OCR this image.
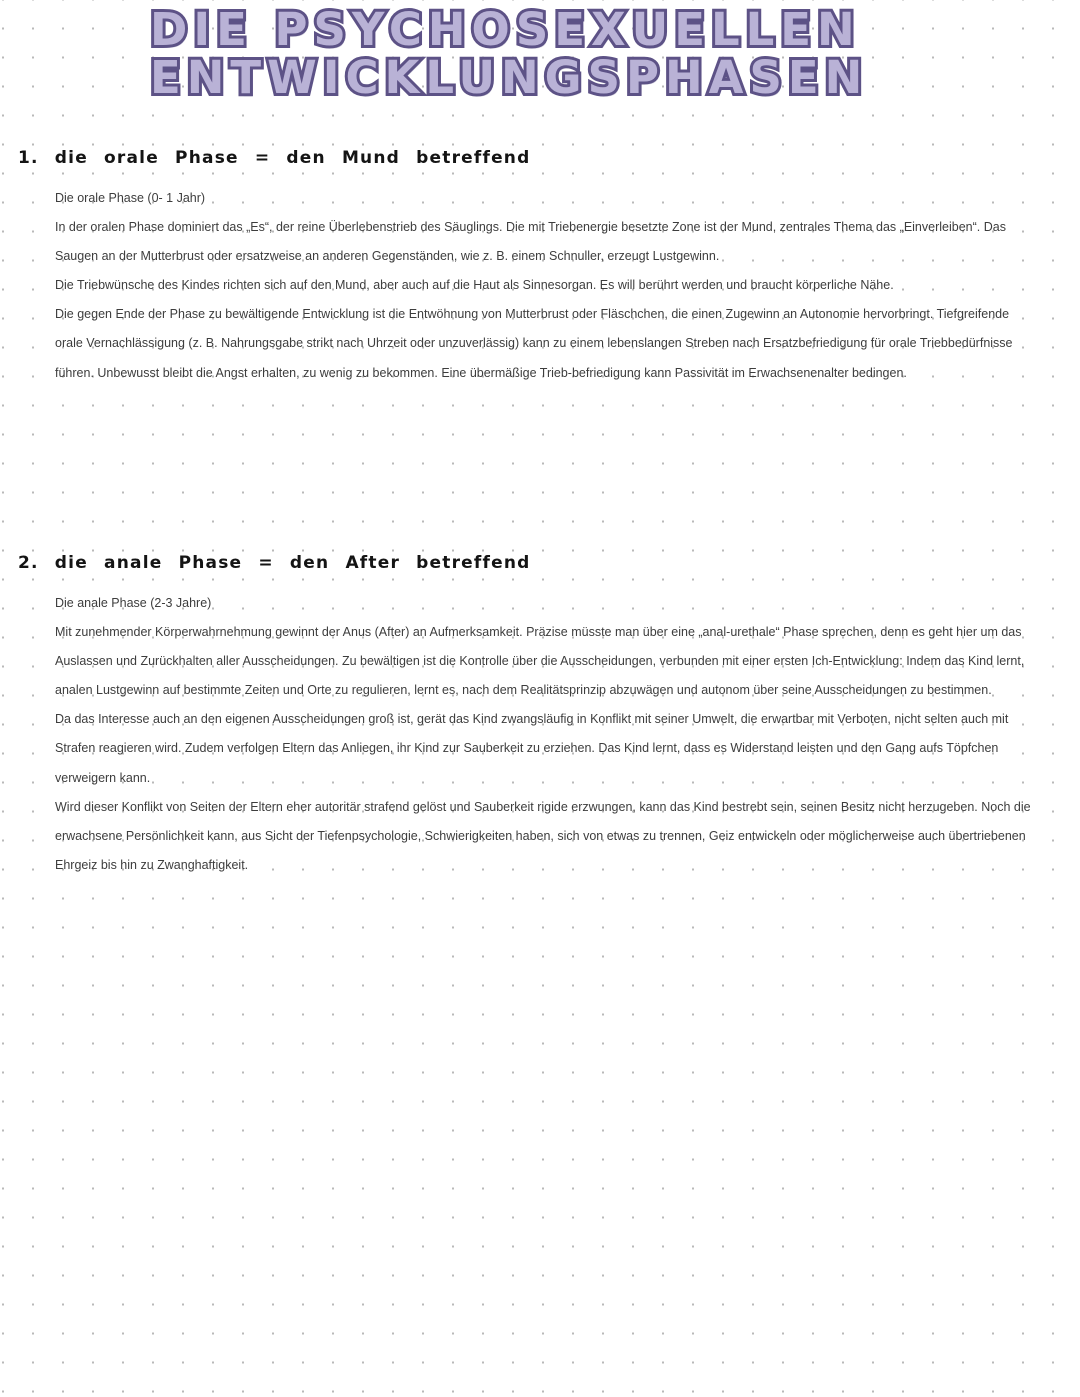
DIE PSYCHOSEXUELLEN
ENTWICKLUNGSPHASEN
1. die orale Phase = den Mund betreffend

Die orale Phase (0- 1 Jahr)

In der oralen Phase dominiert das „Es“, der reine Überlebenstrieb des Säuglings. Die mit Triebenergie besetzte Zone ist der Mund, zentrales Thema das „Einverleiben“. Das Saugen an der Mutterbrust oder ersatzweise an anderen Gegenständen, wie z. B. einem Schnuller, erzeugt Lustgewinn.

Die Triebwünsche des Kindes richten sich auf den Mund, aber auch auf die Haut als Sinnesorgan. Es will berührt werden und braucht körperliche Nähe.

Die gegen Ende der Phase zu bewältigende Entwicklung ist die Entwöhnung von Mutterbrust oder Fläschchen, die einen Zugewinn an Autonomie hervorbringt. Tiefgreifende orale Vernachlässigung (z. B. Nahrungsgabe strikt nach Uhrzeit oder unzuverlässig) kann zu einem lebenslangen Streben nach Ersatzbefriedigung für orale Triebbedürfnisse führen. Unbewusst bleibt die Angst erhalten, zu wenig zu bekommen. Eine übermäßige Trieb-befriedigung kann Passivität im Erwachsenenalter bedingen.

2. die anale Phase = den After betreffend

Die anale Phase (2-3 Jahre)

Mit zunehmender Körperwahrnehmung gewinnt der Anus (After) an Aufmerksamkeit. Präzise müsste man über eine „anal-urethale“ Phase sprechen, denn es geht hier um das Auslassen und Zurückhalten aller Ausscheidungen. Zu bewältigen ist die Kontrolle über die Ausscheidungen, verbunden mit einer ersten Ich-Entwicklung: Indem das Kind lernt, analen Lustgewinn auf bestimmte Zeiten und Orte zu regulieren, lernt es, nach dem Realitätsprinzip abzuwägen und autonom über seine Ausscheidungen zu bestimmen.

Da das Interesse auch an den eigenen Ausscheidungen groß ist, gerät das Kind zwangsläufig in Konflikt mit seiner Umwelt, die erwartbar mit Verboten, nicht selten auch mit Strafen reagieren wird. Zudem verfolgen Eltern das Anliegen, ihr Kind zur Sauberkeit zu erziehen. Das Kind lernt, dass es Widerstand leisten und den Gang aufs Töpfchen verweigern kann.

Wird dieser Konflikt von Seiten der Eltern eher autoritär strafend gelöst und Sauberkeit rigide erzwungen, kann das Kind bestrebt sein, seinen Besitz nicht herzugeben. Noch die erwachsene Persönlichkeit kann, aus Sicht der Tiefenpsychologie, Schwierigkeiten haben, sich von etwas zu trennen, Geiz entwickeln oder möglicherweise auch übertriebenen Ehrgeiz bis hin zu Zwanghaftigkeit.
